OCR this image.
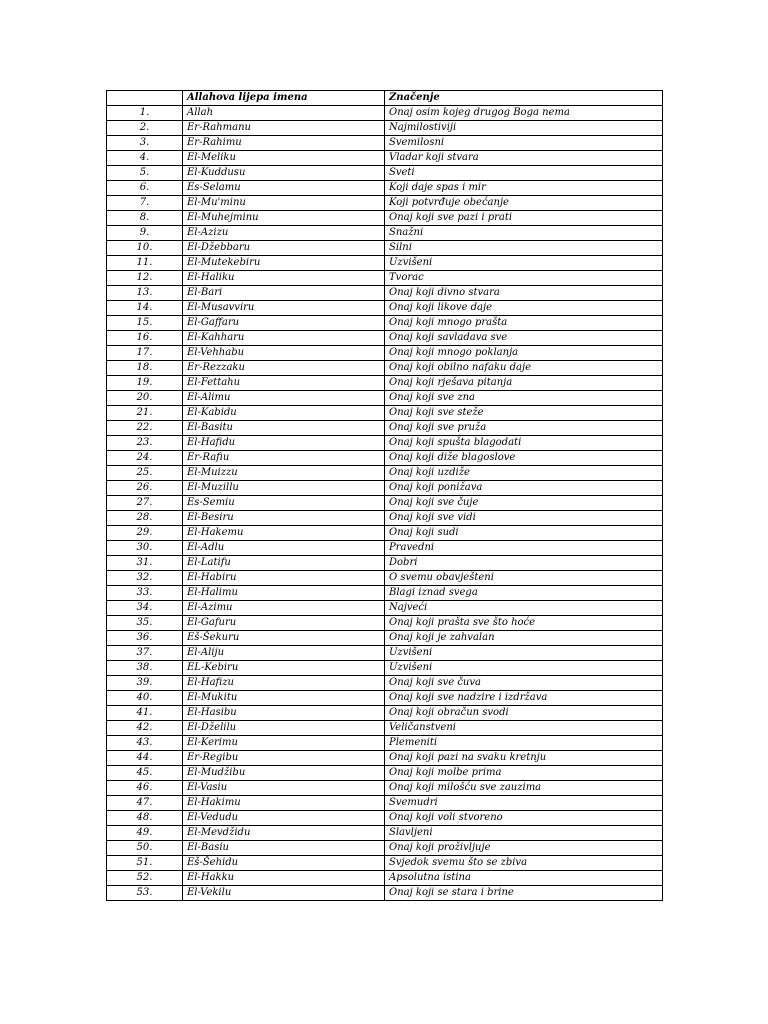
	Allahova lijepa imena	Značenje
1.	Allah	Onaj osim kojeg drugog Boga nema
2.	Er-Rahmanu	Najmilostiviji
3.	Er-Rahimu	Svemilosni
4.	El-Meliku	Vladar koji stvara
5.	El-Kuddusu	Sveti
6.	Es-Selamu	Koji daje spas i mir
7.	El-Mu'minu	Koji potvrđuje obećanje
8.	El-Muhejminu	Onaj koji sve pazi i prati
9.	El-Azizu	Snažni
10.	El-Džebbaru	Silni
11.	El-Mutekebiru	Uzvišeni
12.	El-Haliku	Tvorac
13.	El-Bari	Onaj koji divno stvara
14.	El-Musavviru	Onaj koji likove daje
15.	El-Gaffaru	Onaj koji mnogo prašta
16.	El-Kahharu	Onaj koji savladava sve
17.	El-Vehhabu	Onaj koji mnogo poklanja
18.	Er-Rezzaku	Onaj koji obilno nafaku daje
19.	El-Fettahu	Onaj koji rješava pitanja
20.	El-Alimu	Onaj koji sve zna
21.	El-Kabidu	Onaj koji sve steže
22.	El-Basitu	Onaj koji sve pruža
23.	El-Hafidu	Onaj koji spušta blagodati
24.	Er-Rafiu	Onaj koji diže blagoslove
25.	El-Muizzu	Onaj koji uzdiže
26.	El-Muzillu	Onaj koji ponižava
27.	Es-Semiu	Onaj koji sve čuje
28.	El-Besiru	Onaj koji sve vidi
29.	El-Hakemu	Onaj koji sudi
30.	El-Adlu	Pravedni
31.	El-Latifu	Dobri
32.	El-Habiru	O svemu obavješteni
33.	El-Halimu	Blagi iznad svega
34.	El-Azimu	Najveći
35.	El-Gafuru	Onaj koji prašta sve što hoće
36.	Eš-Šekuru	Onaj koji je zahvalan
37.	El-Aliju	Uzvišeni
38.	EL-Kebiru	Uzvišeni
39.	El-Hafizu	Onaj koji sve čuva
40.	El-Mukitu	Onaj koji sve nadzire i izdržava
41.	El-Hasibu	Onaj koji obračun svodi
42.	El-Dželilu	Veličanstveni
43.	El-Kerimu	Plemeniti
44.	Er-Regibu	Onaj koji pazi na svaku kretnju
45.	El-Mudžibu	Onaj koji molbe prima
46.	El-Vasiu	Onaj koji milošću sve zauzima
47.	El-Hakimu	Svemudri
48.	El-Vedudu	Onaj koji voli stvoreno
49.	El-Mevdžidu	Slavljeni
50.	El-Basiu	Onaj koji proživljuje
51.	Eš-Šehidu	Svjedok svemu što se zbiva
52.	El-Hakku	Apsolutna istina
53.	El-Vekilu	Onaj koji se stara i brine
